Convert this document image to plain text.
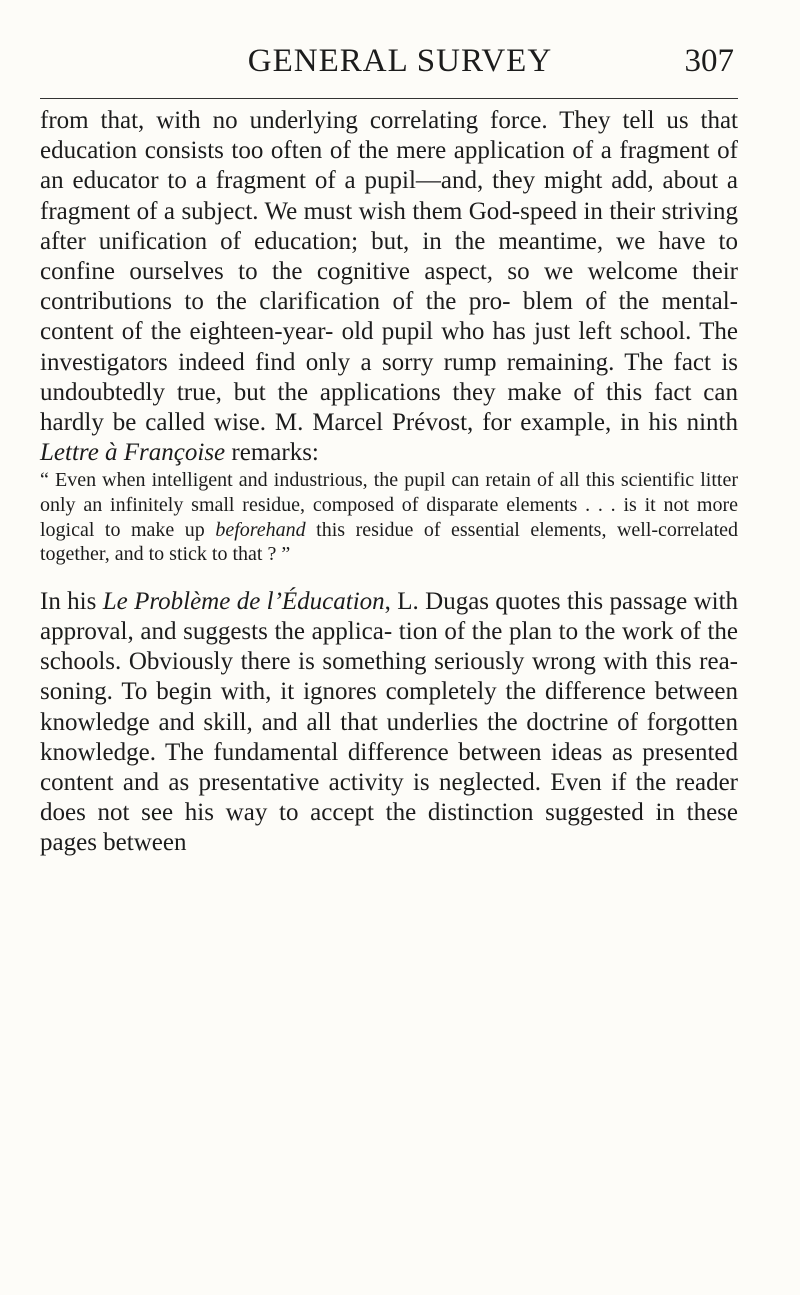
GENERAL SURVEY	307

from that, with no underlying correlating force. They tell us that education consists too often of the mere application of a fragment of an educator to a fragment of a pupil—and, they might add, about a fragment of a subject. We must wish them God-speed in their striving after unification of education; but, in the meantime, we have to confine ourselves to the cognitive aspect, so we welcome their contributions to the clarification of the pro- blem of the mental-content of the eighteen-year- old pupil who has just left school. The investigators indeed find only a sorry rump remaining. The fact is undoubtedly true, but the applications they make of this fact can hardly be called wise. M. Marcel Prévost, for example, in his ninth Lettre à Françoise remarks:

“ Even when intelligent and industrious, the pupil can retain of all this scientific litter only an infinitely small residue, composed of disparate elements . . . is it not more logical to make up beforehand this residue of essential elements, well-correlated together, and to stick to that ? ”

In his Le Problème de l’Éducation, L. Dugas quotes this passage with approval, and suggests the applica- tion of the plan to the work of the schools. Obviously there is something seriously wrong with this rea- soning. To begin with, it ignores completely the difference between knowledge and skill, and all that underlies the doctrine of forgotten knowledge. The fundamental difference between ideas as presented content and as presentative activity is neglected. Even if the reader does not see his way to accept the distinction suggested in these pages between
